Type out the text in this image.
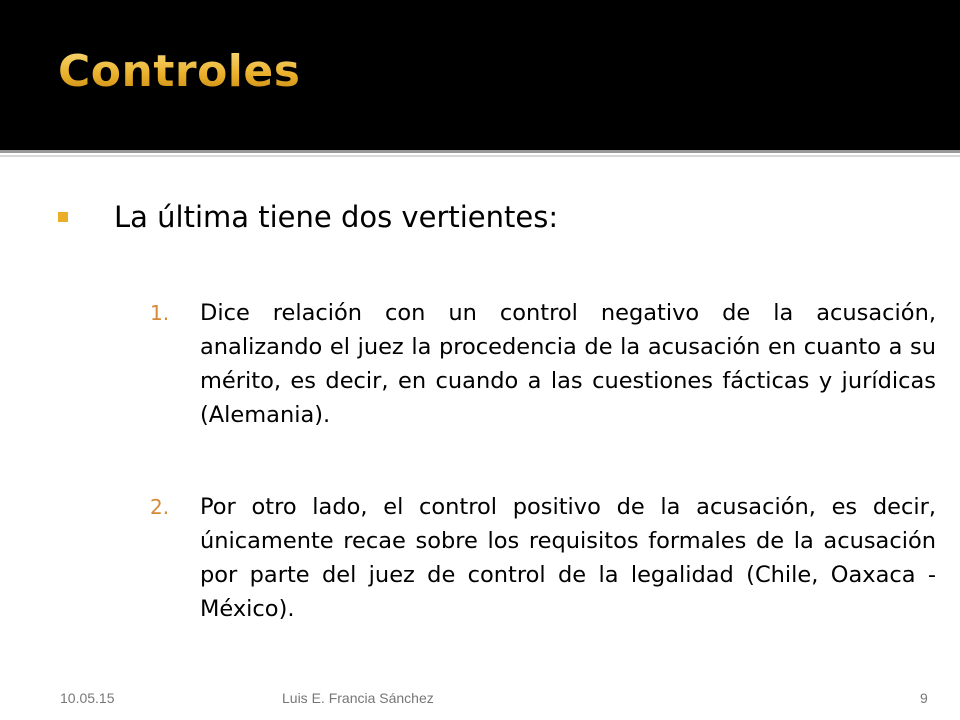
Controles
La última tiene dos vertientes:
1.	Dice relación con un control negativo de la acusación, analizando el juez la procedencia de la acusación en cuanto a su mérito, es decir, en cuando a las cuestiones fácticas y jurídicas (Alemania).
2.	Por otro lado, el control positivo de la acusación, es decir, únicamente recae sobre los requisitos formales de la acusación por parte del juez de control de la legalidad (Chile, Oaxaca - México).
10.05.15	Luis E. Francia Sánchez	9
